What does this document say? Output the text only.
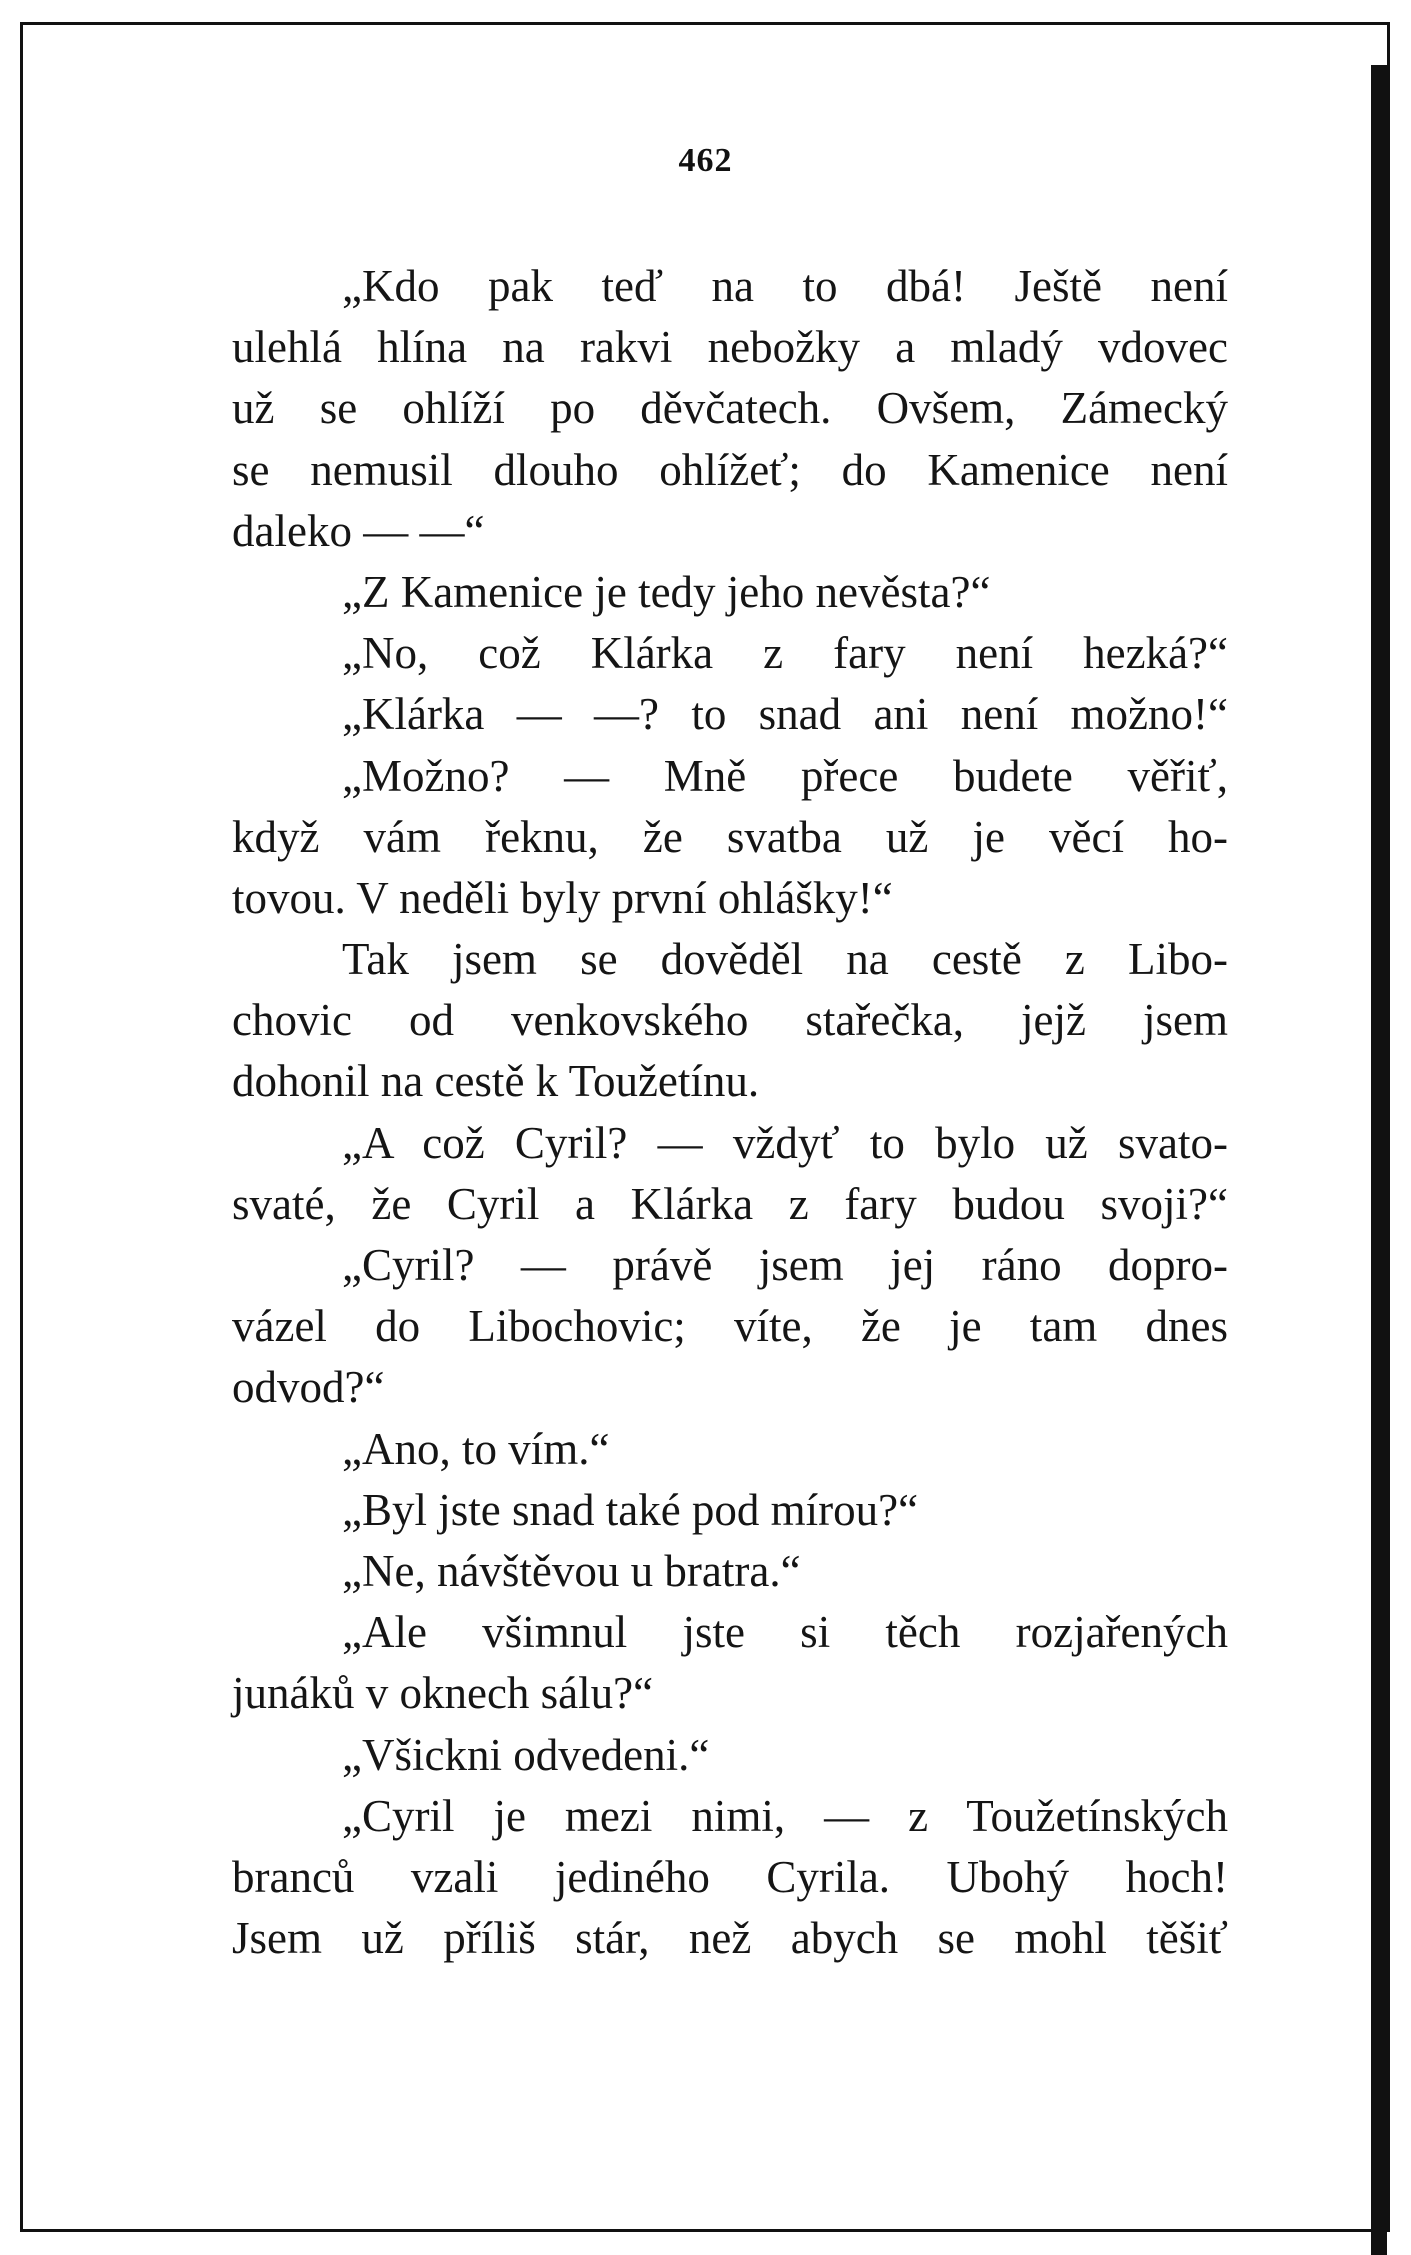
462
„Kdo pak teď na to dbá! Ještě není
ulehlá hlína na rakvi nebožky a mladý vdovec
už se ohlíží po děvčatech. Ovšem, Zámecký
se nemusil dlouho ohlížeť; do Kamenice není
daleko — —“
„Z Kamenice je tedy jeho nevěsta?“
„No, což Klárka z fary není hezká?“
„Klárka — —? to snad ani není možno!“
„Možno? — Mně přece budete věřiť,
když vám řeknu, že svatba už je věcí ho-
tovou. V neděli byly první ohlášky!“
Tak jsem se dověděl na cestě z Libo-
chovic od venkovského stařečka, jejž jsem
dohonil na cestě k Toužetínu.
„A což Cyril? — vždyť to bylo už svato-
svaté, že Cyril a Klárka z fary budou svoji?“
„Cyril? — právě jsem jej ráno dopro-
vázel do Libochovic; víte, že je tam dnes
odvod?“
„Ano, to vím.“
„Byl jste snad také pod mírou?“
„Ne, návštěvou u bratra.“
„Ale všimnul jste si těch rozjařených
junáků v oknech sálu?“
„Všickni odvedeni.“
„Cyril je mezi nimi, — z Toužetínských
branců vzali jediného Cyrila. Ubohý hoch!
Jsem už příliš stár, než abych se mohl těšiť
